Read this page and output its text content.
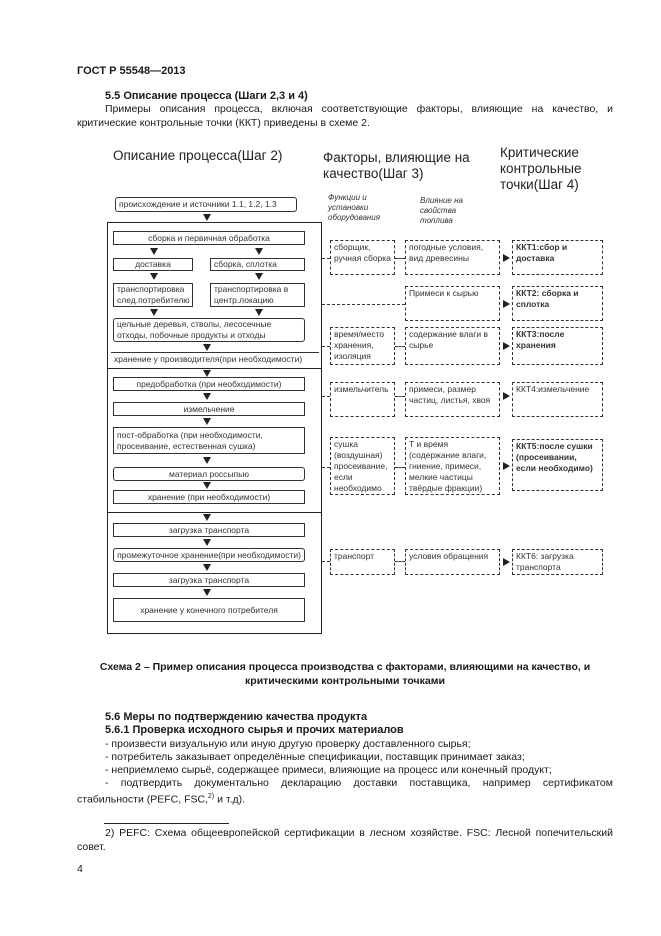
ГОСТ Р 55548—2013
5.5 Описание процесса (Шаги 2,3 и 4)
Примеры описания процесса, включая соответствующие факторы, влияющие на качество, и критические контрольные точки (ККТ) приведены в схеме 2.
Описание процесса(Шаг 2)	Факторы, влияющие на качество(Шаг 3)
Критические контрольные точки(Шаг 4)
Функции и установки оборудования
Влияние на свойства топлива
происхождение и источники 1.1, 1.2, 1.3
сборка и первичная обработка
доставка	сборка, сплотка
транспортировка след.потребителю
транспортировка в центр.локацию
цельные деревья, стволы, лесосечные отходы, побочные продукты и отходы
хранение у производителя(при необходимости)
предобработка (при необходимости)
измельчение
пост-обработка (при необходимости, просеивание, естественная сушка)
материал россыпью
хранение (при необходимости)
загрузка транспорта
промежуточное хранение(при необходимости)
загрузка транспорта
хранение у конечного потребителя
сборщик, ручная сборка
погодные условия, вид древесины
ККТ1:сбор и доставка
Примеси к сырью	ККТ2: сборка и сплотка
время/место хранения, изоляция
содержание влаги в сырье
ККТ3:после хранения
измельчитель	примеси, размер частиц, листья, хвоя
ККТ4:измельчение
сушка (воздушная) просеивание, если необходимо
Т и время (содержание влаги, гниение, примеси, мелкие частицы твёрдые фракции)
ККТ5:после сушки (просеивании, если необходимо)
транспорт	условия обращения	ККТ6: загрузка транспорта
Схема 2 – Пример описания процесса производства с факторами, влияющими на качество, и критическими контрольными точками
5.6 Меры по подтверждению качества продукта
5.6.1 Проверка исходного сырья и прочих материалов
- произвести визуальную или иную другую проверку доставленного сырья;
- потребитель заказывает определённые спецификации, поставщик принимает заказ;
- неприемлемо сырьё, содержащее примеси, влияющие на процесс или конечный продукт;
- подтвердить документально декларацию доставки поставщика, например сертификатом стабильности (PEFC, FSC,$^{2)}$ и т.д).
2) PEFC: Схема общеевропейской сертификации в лесном хозяйстве. FSC: Лесной попечительский совет.
4
